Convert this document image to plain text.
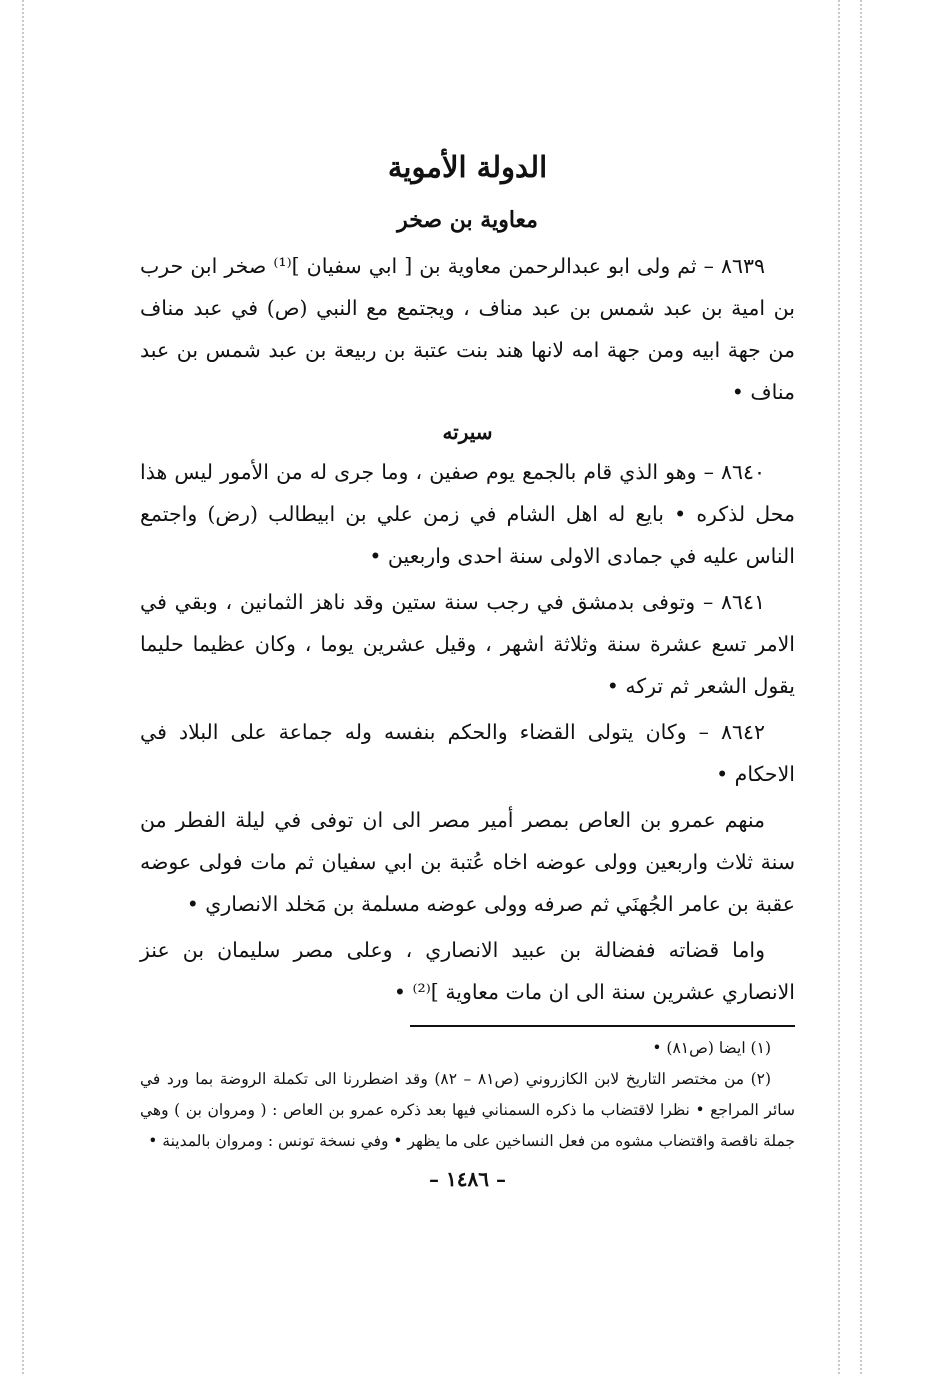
الدولة الأموية
معاوية بن صخر

٨٦٣٩ – ثم ولى ابو عبدالرحمن معاوية بن [ ابي سفيان ]⁽¹⁾ صخر ابن حرب بن امية بن عبد شمس بن عبد مناف ، ويجتمع مع النبي (ص) في عبد مناف من جهة ابيه ومن جهة امه لانها هند بنت عتبة بن ربيعة بن عبد شمس بن عبد مناف •

سيرته

٨٦٤٠ – وهو الذي قام بالجمع يوم صفين ، وما جرى له من الأمور ليس هذا محل لذكره • بايع له اهل الشام في زمن علي بن ابيطالب (رض) واجتمع الناس عليه في جمادى الاولى سنة احدى واربعين •

٨٦٤١ – وتوفى بدمشق في رجب سنة ستين وقد ناهز الثمانين ، وبقي في الامر تسع عشرة سنة وثلاثة اشهر ، وقيل عشرين يوما ، وكان عظيما حليما يقول الشعر ثم تركه •

٨٦٤٢ – وكان يتولى القضاء والحكم بنفسه وله جماعة على البلاد في الاحكام •

منهم عمرو بن العاص بمصر أمير مصر الى ان توفى في ليلة الفطر من سنة ثلاث واربعين وولى عوضه اخاه عُتبة بن ابي سفيان ثم مات فولى عوضه عقبة بن عامر الجُهنَي ثم صرفه وولى عوضه مسلمة بن مَخلد الانصاري •

واما قضاته ففضالة بن عبيد الانصاري ، وعلى مصر سليمان بن عنز الانصاري عشرين سنة الى ان مات معاوية ]⁽²⁾ •

(١) ايضا (ص٨١) •

(٢) من مختصر التاريخ لابن الكازروني (ص٨١ – ٨٢) وقد اضطررنا الى تكملة الروضة بما ورد في سائر المراجع • نظرا لاقتضاب ما ذكره السمناني فيها بعد ذكره عمرو بن العاص : ( ومروان بن ) وهي جملة ناقصة واقتضاب مشوه من فعل النساخين على ما يظهر • وفي نسخة تونس : ومروان بالمدينة •

– ١٤٨٦ –
